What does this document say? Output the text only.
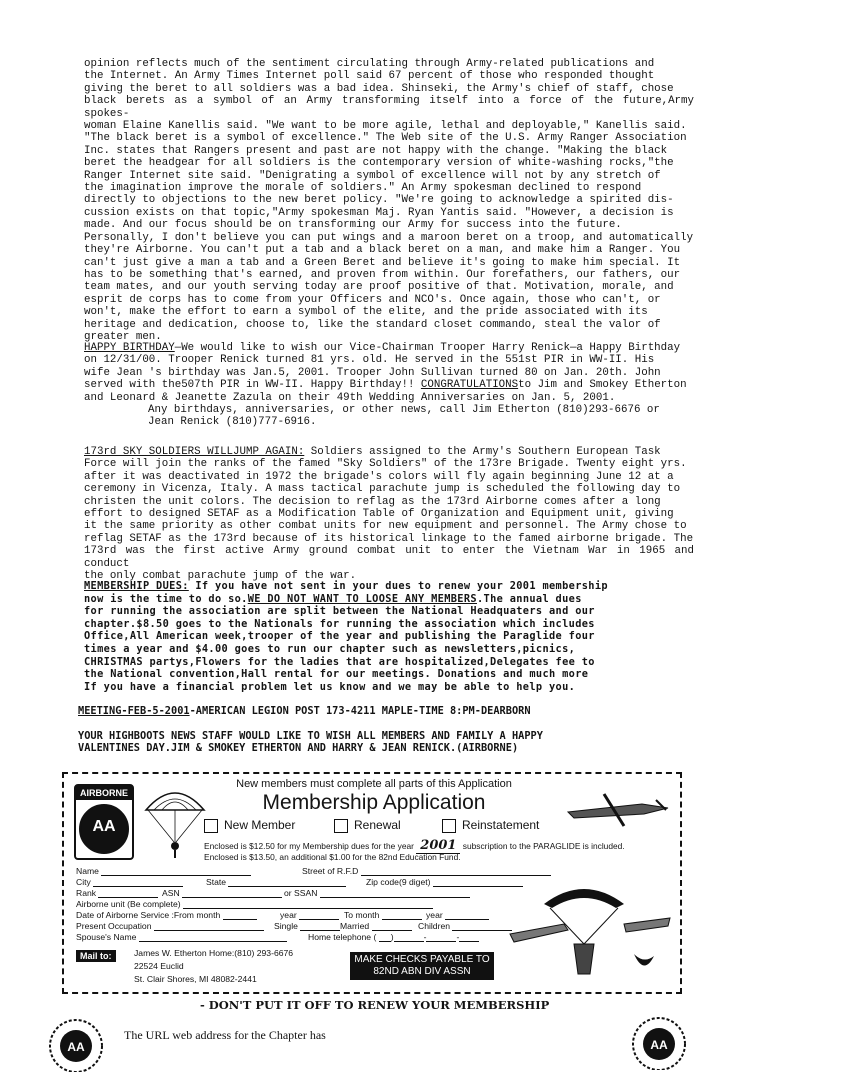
opinion reflects much of the sentiment circulating through Army-related publications and

the Internet. An Army Times Internet poll said 67 percent of those who responded thought

giving the beret to all soldiers was a bad idea. Shinseki, the Army's chief of staff, chose

black berets as a symbol of an Army transforming itself into a force of the future,Army spokes-

woman Elaine Kanellis said. "We want to be more agile, lethal and deployable," Kanellis said.

"The black beret is a symbol of excellence." The Web site of the U.S. Army Ranger Association

Inc. states that Rangers present and past are not happy with the change. "Making the black

beret the headgear for all soldiers is the contemporary version of white-washing rocks,"the

Ranger Internet site said. "Denigrating a symbol of excellence will not by any stretch of

the imagination improve the morale of soldiers." An Army spokesman declined to respond

directly to objections to the new beret policy. "We're going to acknowledge a spirited dis-

cussion exists on that topic,"Army spokesman Maj. Ryan Yantis said. "However, a decision is

made. And our focus should be on transforming our Army for success into the future.

Personally, I don't believe you can put wings and a maroon beret on a troop, and automatically

they're Airborne. You can't put a tab and a black beret on a man, and make him a Ranger. You

can't just give a man a tab and a Green Beret and believe it's going to make him special. It

has to be something that's earned, and proven from within. Our forefathers, our fathers, our

team mates, and our youth serving today are proof positive of that. Motivation, morale, and

esprit de corps has to come from your Officers and NCO's. Once again, those who can't, or

won't, make the effort to earn a symbol of the elite, and the pride associated with its

heritage and dedication, choose to, like the standard closet commando, steal the valor of

greater men.

HAPPY BIRTHDAY—We would like to wish our Vice-Chairman Trooper Harry Renick—a Happy Birthday

on 12/31/00. Trooper Renick turned 81 yrs. old. He served in the 551st PIR in WW-II. His

wife Jean 's birthday was Jan.5, 2001. Trooper John Sullivan turned 80 on Jan. 20th. John

served with the507th PIR in WW-II. Happy Birthday!! CONGRATULATIONSto Jim and Smokey Etherton

and Leonard & Jeanette Zazula on their 49th Wedding Anniversaries on Jan. 5, 2001.

Any birthdays, anniversaries, or other news, call Jim Etherton (810)293-6676 or

Jean Renick (810)777-6916.

173rd SKY SOLDIERS WILLJUMP AGAIN: Soldiers assigned to the Army's Southern European Task

Force will join the ranks of the famed "Sky Soldiers" of the 173re Brigade. Twenty eight yrs.

after it was deactivated in 1972 the brigade's colors will fly again beginning June 12 at a

ceremony in Vicenza, Italy. A mass tactical parachute jump is scheduled the following day to

christen the unit colors. The decision to reflag as the 173rd Airborne comes after a long

effort to designed SETAF as a Modification Table of Organization and Equipment unit, giving

it the same priority as other combat units for new equipment and personnel. The Army chose to

reflag SETAF as the 173rd because of its historical linkage to the famed airborne brigade. The

173rd was the first active Army ground combat unit to enter the Vietnam War in 1965 and conduct

the only combat parachute jump of the war.

MEMBERSHIP DUES: If you have not sent in your dues to renew your 2001 membership

now is the time to do so.WE DO NOT WANT TO LOOSE ANY MEMBERS.The annual dues

for running the association are split between the National Headquaters and our

chapter.$8.50 goes to the Nationals for running the association which includes

Office,All American week,trooper of the year and publishing the Paraglide four

times a year and $4.00 goes to run our chapter such as newsletters,picnics,

CHRISTMAS partys,Flowers for the ladies that are hospitalized,Delegates fee to

the National convention,Hall rental for our meetings. Donations and much more

If you have a financial problem let us know and we may be able to help you.

MEETING-FEB-5-2001-AMERICAN LEGION POST 173-4211 MAPLE-TIME 8:PM-DEARBORN

YOUR HIGHBOOTS NEWS STAFF WOULD LIKE TO WISH ALL MEMBERS AND FAMILY A HAPPY

VALENTINES DAY.JIM & SMOKEY ETHERTON AND HARRY & JEAN RENICK.(AIRBORNE)

AIRBORNE
AA
New members must complete all parts of this Application
Membership Application
New Member	Renewal	Reinstatement
Enclosed is $12.50 for my Membership dues for the year 2001 subscription to the PARAGLIDE is included.
Enclosed is $13.50, an additional $1.00 for the 82nd Education Fund.
Name	Street of R.F.D
City	State	Zip code(9 diget)
Rank	ASN	or SSAN
Airborne unit (Be complete)
Date of Airborne Service :From month	year	To month	year
Present Occupation	Single	Married	Children
Spouse's Name	Home telephone ( )	-	-
Mail to:	James W. Etherton Home:(810) 293-6676
22524 Euclid
St. Clair Shores, MI 48082-2441
MAKE CHECKS PAYABLE TO
82ND ABN DIV ASSN
- DON'T PUT IT OFF TO RENEW YOUR MEMBERSHIP
AA
The URL web address for the Chapter has
AA
